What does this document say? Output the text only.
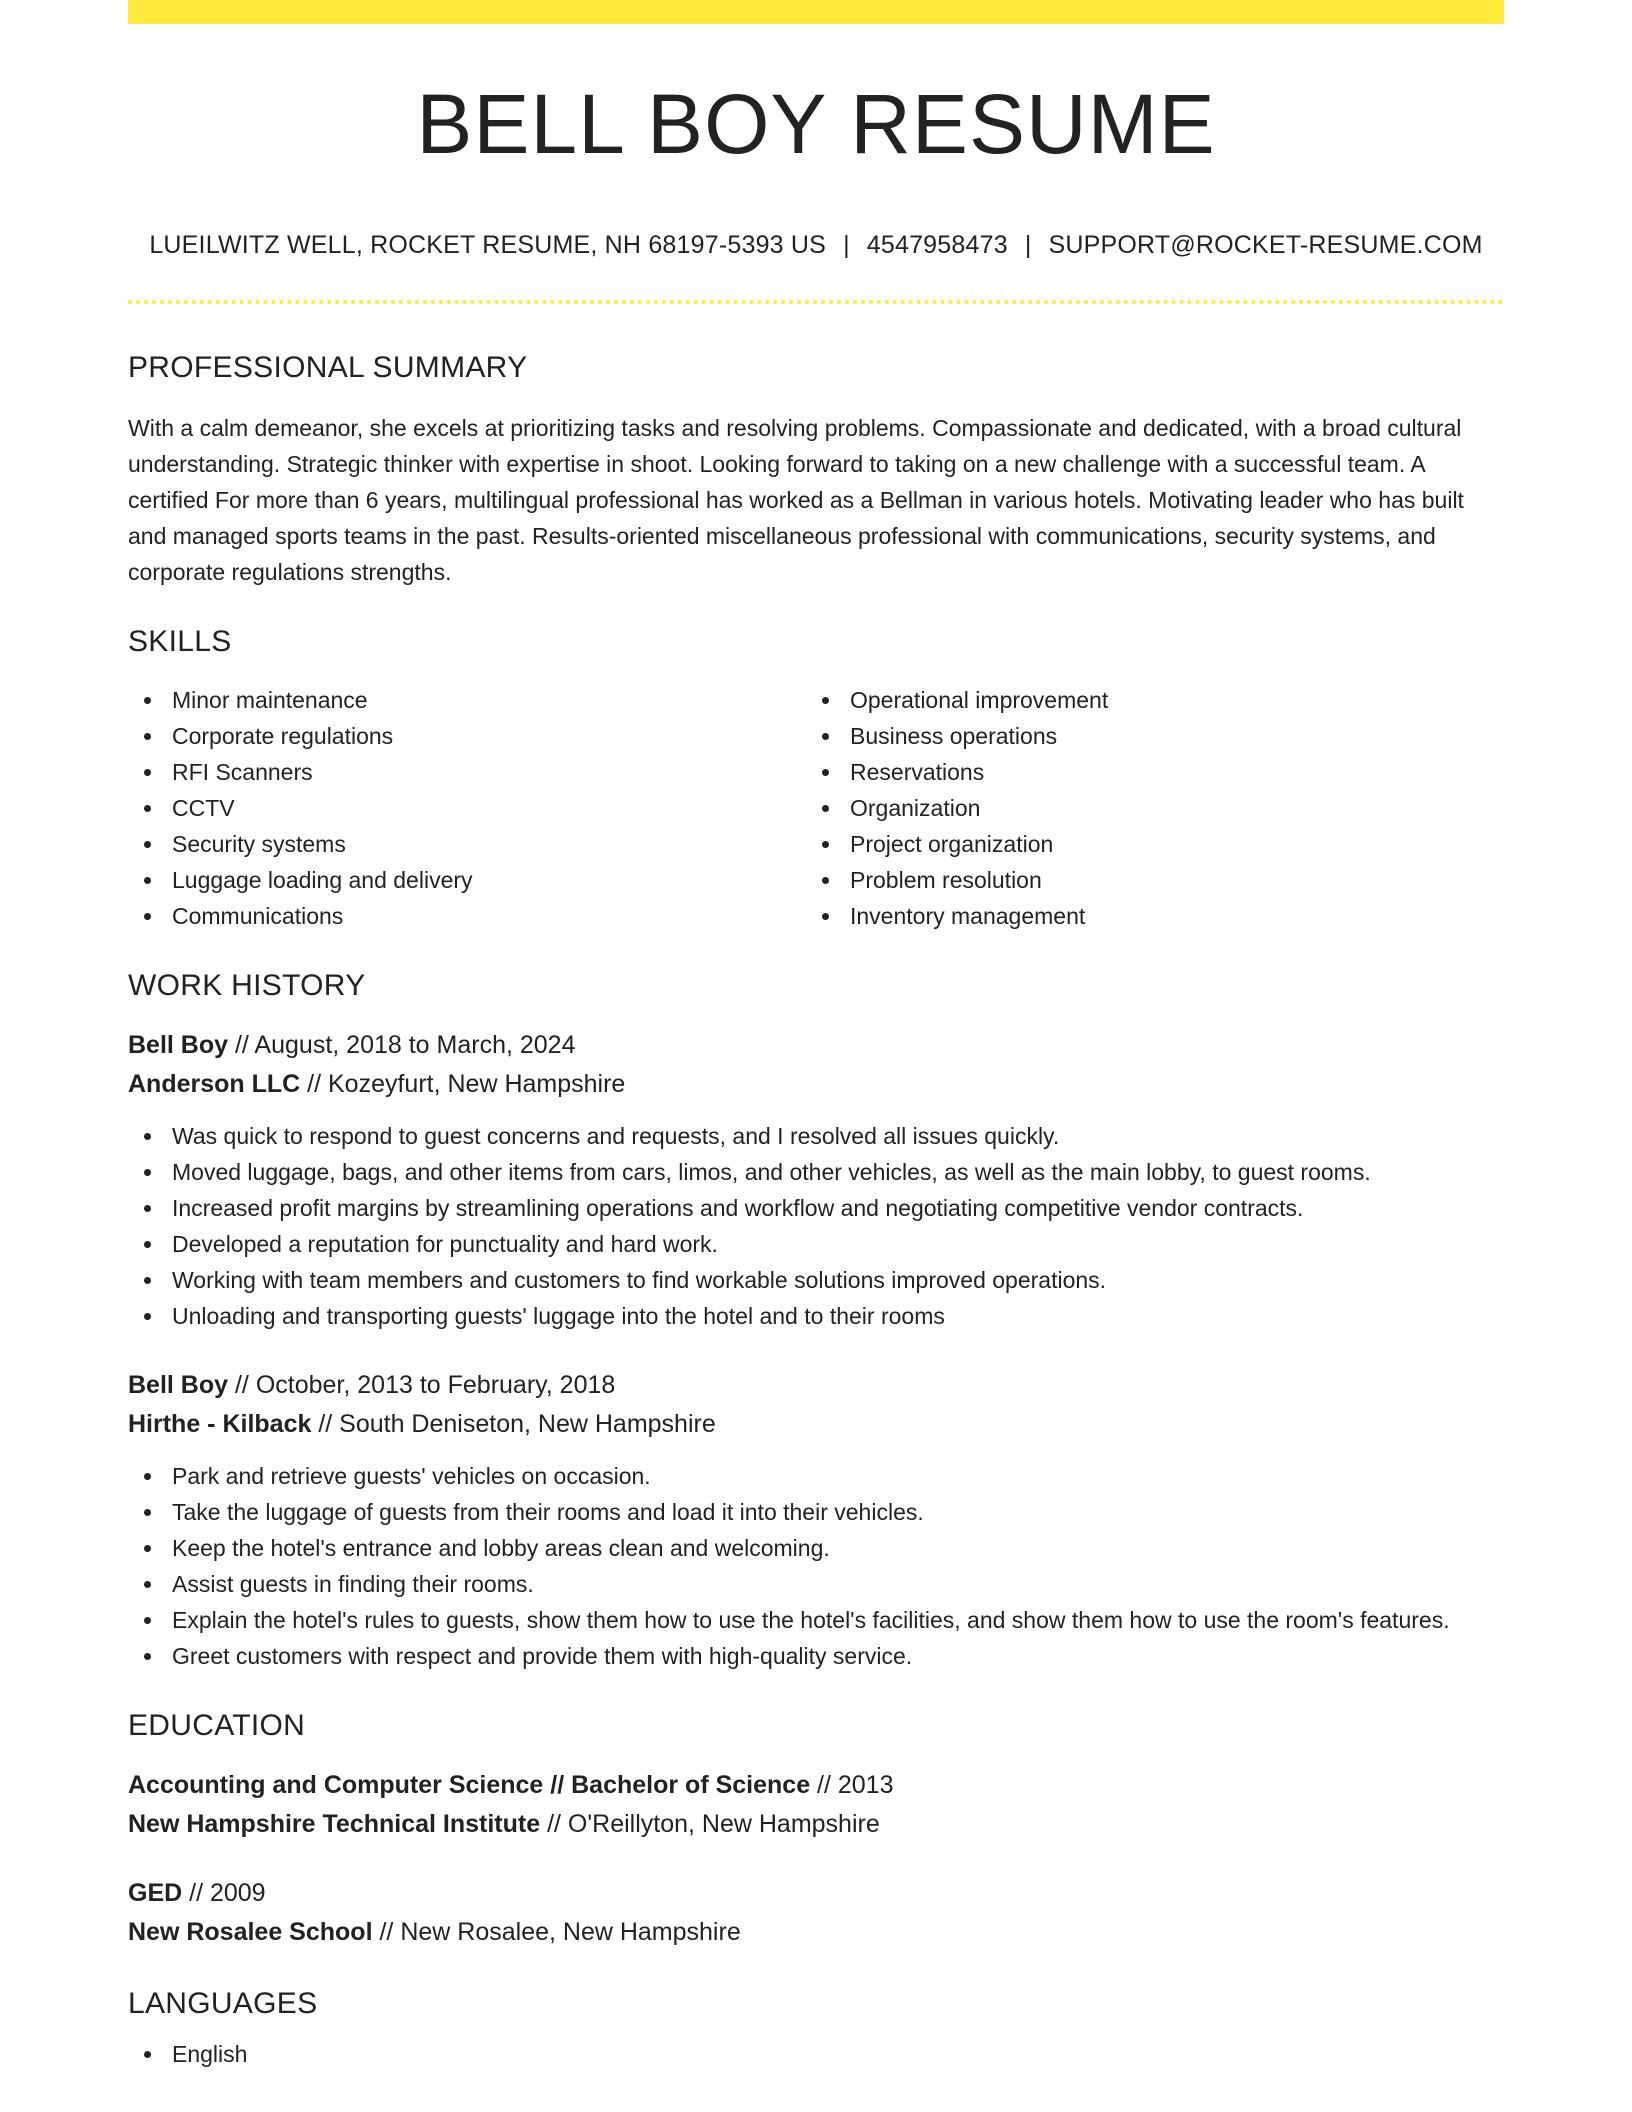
BELL BOY RESUME
LUEILWITZ WELL, ROCKET RESUME, NH 68197-5393 US | 4547958473 | SUPPORT@ROCKET-RESUME.COM
PROFESSIONAL SUMMARY

With a calm demeanor, she excels at prioritizing tasks and resolving problems. Compassionate and dedicated, with a broad cultural understanding. Strategic thinker with expertise in shoot. Looking forward to taking on a new challenge with a successful team. A certified For more than 6 years, multilingual professional has worked as a Bellman in various hotels. Motivating leader who has built and managed sports teams in the past. Results-oriented miscellaneous professional with communications, security systems, and corporate regulations strengths.

SKILLS
Minor maintenance
Corporate regulations
RFI Scanners
CCTV
Security systems
Luggage loading and delivery
Communications
Operational improvement
Business operations
Reservations
Organization
Project organization
Problem resolution
Inventory management
WORK HISTORY
Bell Boy // August, 2018 to March, 2024
Anderson LLC // Kozeyfurt, New Hampshire
Was quick to respond to guest concerns and requests, and I resolved all issues quickly.
Moved luggage, bags, and other items from cars, limos, and other vehicles, as well as the main lobby, to guest rooms.
Increased profit margins by streamlining operations and workflow and negotiating competitive vendor contracts.
Developed a reputation for punctuality and hard work.
Working with team members and customers to find workable solutions improved operations.
Unloading and transporting guests' luggage into the hotel and to their rooms
Bell Boy // October, 2013 to February, 2018
Hirthe - Kilback // South Deniseton, New Hampshire
Park and retrieve guests' vehicles on occasion.
Take the luggage of guests from their rooms and load it into their vehicles.
Keep the hotel's entrance and lobby areas clean and welcoming.
Assist guests in finding their rooms.
Explain the hotel's rules to guests, show them how to use the hotel's facilities, and show them how to use the room's features.
Greet customers with respect and provide them with high-quality service.
EDUCATION
Accounting and Computer Science // Bachelor of Science // 2013
New Hampshire Technical Institute // O'Reillyton, New Hampshire
GED // 2009
New Rosalee School // New Rosalee, New Hampshire
LANGUAGES
English
